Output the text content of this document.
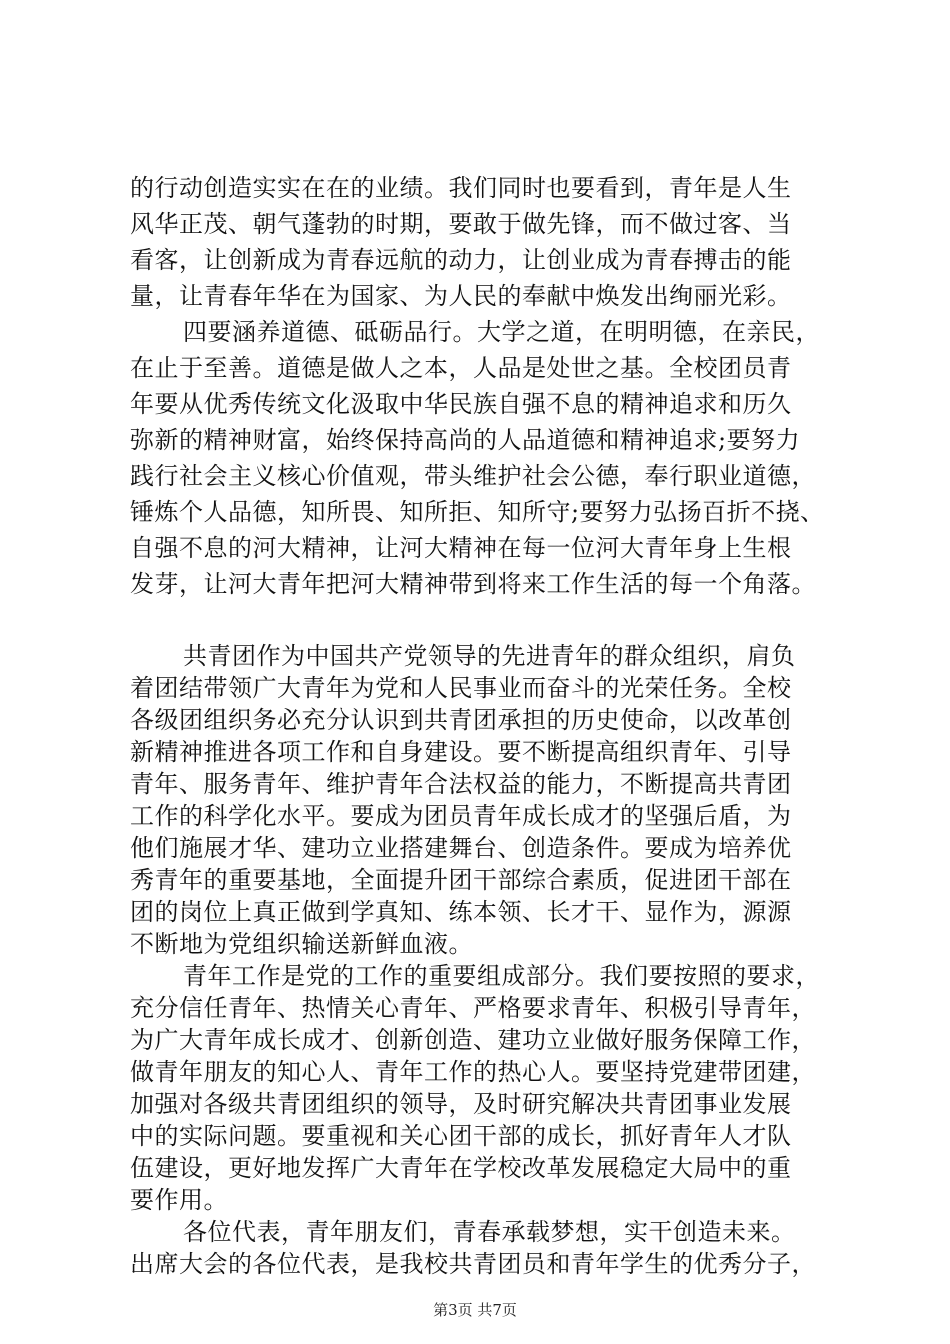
的行动创造实实在在的业绩。我们同时也要看到，青年是人生
风华正茂、朝气蓬勃的时期，要敢于做先锋，而不做过客、当
看客，让创新成为青春远航的动力，让创业成为青春搏击的能
量，让青春年华在为国家、为人民的奉献中焕发出绚丽光彩。
四要涵养道德、砥砺品行。大学之道，在明明德，在亲民，
在止于至善。道德是做人之本，人品是处世之基。全校团员青
年要从优秀传统文化汲取中华民族自强不息的精神追求和历久
弥新的精神财富，始终保持高尚的人品道德和精神追求;要努力
践行社会主义核心价值观，带头维护社会公德，奉行职业道德，
锤炼个人品德，知所畏、知所拒、知所守;要努力弘扬百折不挠、
自强不息的河大精神，让河大精神在每一位河大青年身上生根
发芽，让河大青年把河大精神带到将来工作生活的每一个角落。
共青团作为中国共产党领导的先进青年的群众组织，肩负
着团结带领广大青年为党和人民事业而奋斗的光荣任务。全校
各级团组织务必充分认识到共青团承担的历史使命，以改革创
新精神推进各项工作和自身建设。要不断提高组织青年、引导
青年、服务青年、维护青年合法权益的能力，不断提高共青团
工作的科学化水平。要成为团员青年成长成才的坚强后盾，为
他们施展才华、建功立业搭建舞台、创造条件。要成为培养优
秀青年的重要基地，全面提升团干部综合素质，促进团干部在
团的岗位上真正做到学真知、练本领、长才干、显作为，源源
不断地为党组织输送新鲜血液。
青年工作是党的工作的重要组成部分。我们要按照的要求，
充分信任青年、热情关心青年、严格要求青年、积极引导青年，
为广大青年成长成才、创新创造、建功立业做好服务保障工作，
做青年朋友的知心人、青年工作的热心人。要坚持党建带团建，
加强对各级共青团组织的领导，及时研究解决共青团事业发展
中的实际问题。要重视和关心团干部的成长，抓好青年人才队
伍建设，更好地发挥广大青年在学校改革发展稳定大局中的重
要作用。
各位代表，青年朋友们，青春承载梦想，实干创造未来。
出席大会的各位代表，是我校共青团员和青年学生的优秀分子，
第3页 共7页
